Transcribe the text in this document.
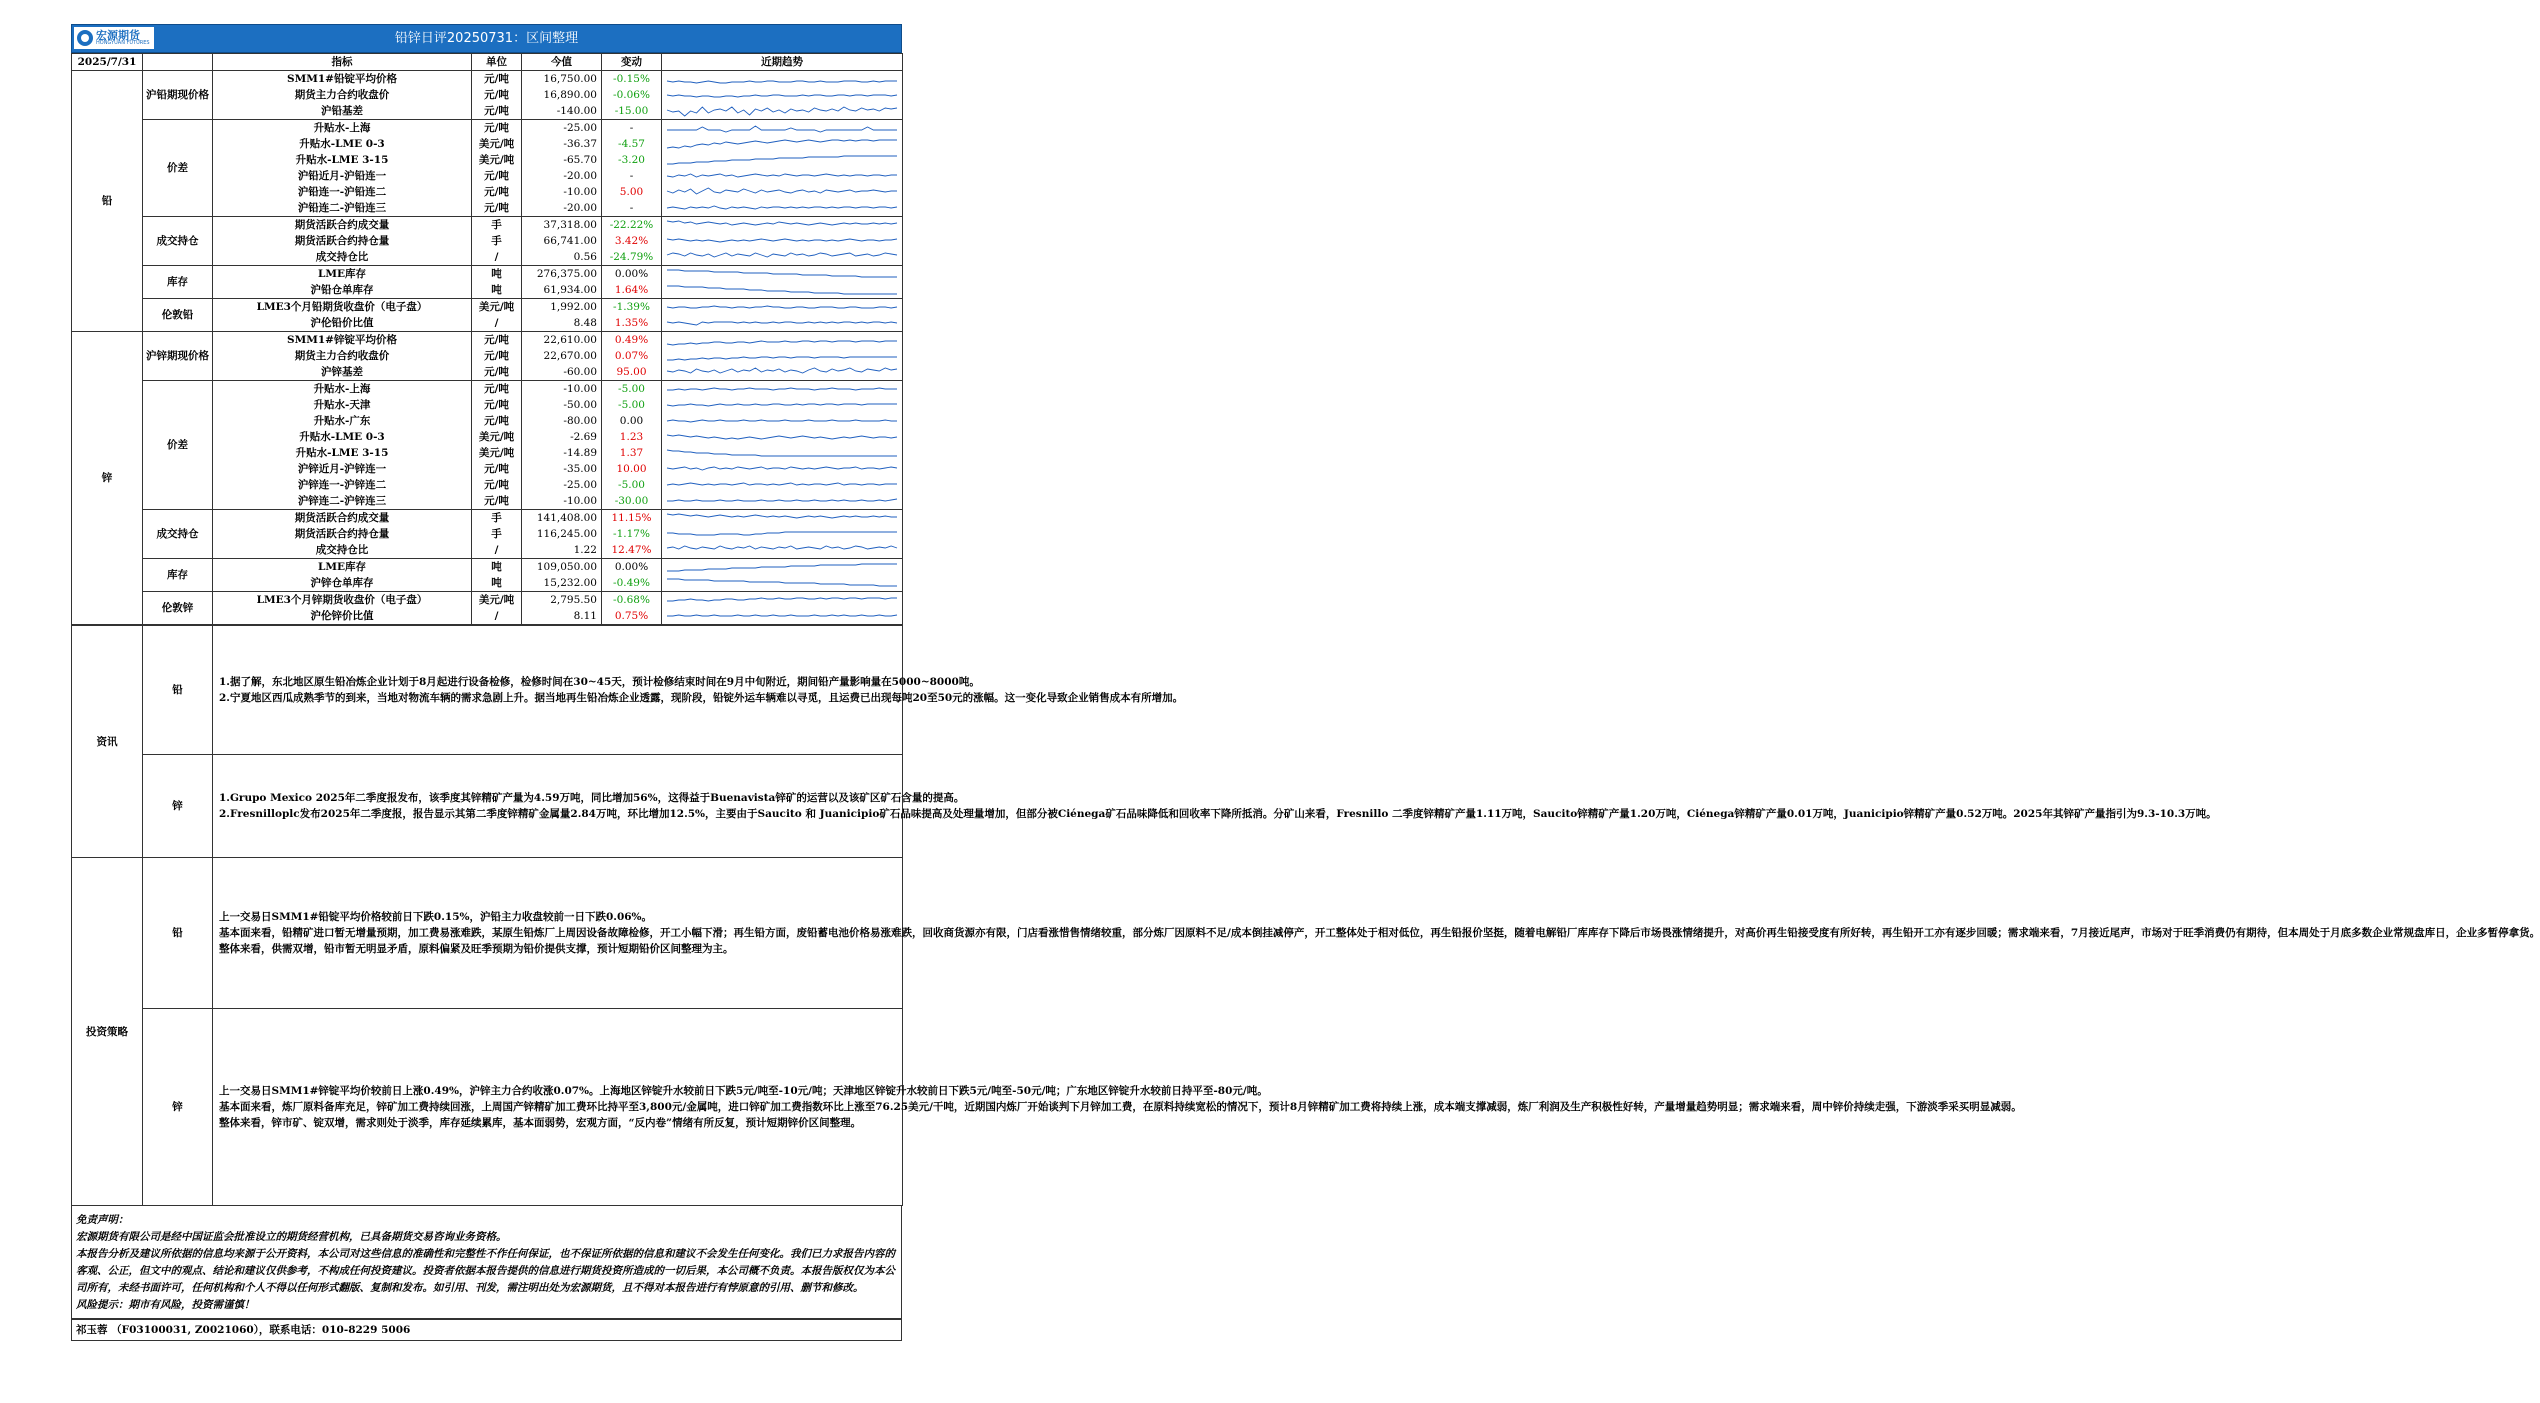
宏源期货
HONGYUAN FUTURES	铅锌日评20250731：区间整理
2025/7/31		指标	单位	今值	变动	近期趋势
铅	沪铅期现价格	SMM1#铅锭平均价格	元/吨	16,750.00	-0.15%	

		期货主力合约收盘价	元/吨	16,890.00	-0.06%	

		沪铅基差	元/吨	-140.00	-15.00	

	价差	升贴水-上海	元/吨	-25.00	-	

		升贴水-LME 0-3	美元/吨	-36.37	-4.57	

		升贴水-LME 3-15	美元/吨	-65.70	-3.20	

		沪铅近月-沪铅连一	元/吨	-20.00	-	

		沪铅连一-沪铅连二	元/吨	-10.00	5.00	

		沪铅连二-沪铅连三	元/吨	-20.00	-	

	成交持仓	期货活跃合约成交量	手	37,318.00	-22.22%	

		期货活跃合约持仓量	手	66,741.00	3.42%	

		成交持仓比	/	0.56	-24.79%	

	库存	LME库存	吨	276,375.00	0.00%	

		沪铅仓单库存	吨	61,934.00	1.64%	

	伦敦铅	LME3个月铅期货收盘价（电子盘）	美元/吨	1,992.00	-1.39%	

		沪伦铅价比值	/	8.48	1.35%	

锌	沪锌期现价格	SMM1#锌锭平均价格	元/吨	22,610.00	0.49%	

		期货主力合约收盘价	元/吨	22,670.00	0.07%	

		沪锌基差	元/吨	-60.00	95.00	

	价差	升贴水-上海	元/吨	-10.00	-5.00	

		升贴水-天津	元/吨	-50.00	-5.00	

		升贴水-广东	元/吨	-80.00	0.00	

		升贴水-LME 0-3	美元/吨	-2.69	1.23	

		升贴水-LME 3-15	美元/吨	-14.89	1.37	

		沪锌近月-沪锌连一	元/吨	-35.00	10.00	

		沪锌连一-沪锌连二	元/吨	-25.00	-5.00	

		沪锌连二-沪锌连三	元/吨	-10.00	-30.00	

	成交持仓	期货活跃合约成交量	手	141,408.00	11.15%	

		期货活跃合约持仓量	手	116,245.00	-1.17%	

		成交持仓比	/	1.22	12.47%	

	库存	LME库存	吨	109,050.00	0.00%	

		沪锌仓单库存	吨	15,232.00	-0.49%	

	伦敦锌	LME3个月锌期货收盘价（电子盘）	美元/吨	2,795.50	-0.68%	

		沪伦锌价比值	/	8.11	0.75%	
资讯	铅	1.据了解，东北地区原生铅冶炼企业计划于8月起进行设备检修，检修时间在30~45天，预计检修结束时间在9月中旬附近，期间铅产量影响量在5000~8000吨。
2.宁夏地区西瓜成熟季节的到来，当地对物流车辆的需求急剧上升。据当地再生铅冶炼企业透露，现阶段，铅锭外运车辆难以寻觅，且运费已出现每吨20至50元的涨幅。这一变化导致企业销售成本有所增加。

	锌	1.Grupo Mexico 2025年二季度报发布，该季度其锌精矿产量为4.59万吨，同比增加56%，这得益于Buenavista锌矿的运营以及该矿区矿石含量的提高。
2.Fresnilloplc发布2025年二季度报，报告显示其第二季度锌精矿金属量2.84万吨，环比增加12.5%，主要由于Saucito 和 Juanicipio矿石品味提高及处理量增加，但部分被Ciénega矿石品味降低和回收率下降所抵消。分矿山来看，Fresnillo 二季度锌精矿产量1.11万吨，Saucito锌精矿产量1.20万吨，Ciénega锌精矿产量0.01万吨，Juanicipio锌精矿产量0.52万吨。2025年其锌矿产量指引为9.3-10.3万吨。

投资策略	铅	上一交易日SMM1#铅锭平均价格较前日下跌0.15%，沪铅主力收盘较前一日下跌0.06%。
基本面来看，铅精矿进口暂无增量预期，加工费易涨难跌，某原生铅炼厂上周因设备故障检修，开工小幅下滑；再生铅方面，废铅蓄电池价格易涨难跌，回收商货源亦有限，门店看涨惜售情绪较重，部分炼厂因原料不足/成本倒挂减停产，开工整体处于相对低位，再生铅报价坚挺，随着电解铅厂库库存下降后市场畏涨情绪提升，对高价再生铅接受度有所好转，再生铅开工亦有逐步回暖；需求端来看，7月接近尾声，市场对于旺季消费仍有期待，但本周处于月底多数企业常规盘库日，企业多暂停拿货。
整体来看，供需双增，铅市暂无明显矛盾，原料偏紧及旺季预期为铅价提供支撑，预计短期铅价区间整理为主。

	锌	上一交易日SMM1#锌锭平均价较前日上涨0.49%，沪锌主力合约收涨0.07%。上海地区锌锭升水较前日下跌5元/吨至-10元/吨；天津地区锌锭升水较前日下跌5元/吨至-50元/吨；广东地区锌锭升水较前日持平至-80元/吨。
基本面来看，炼厂原料备库充足，锌矿加工费持续回涨，上周国产锌精矿加工费环比持平至3,800元/金属吨，进口锌矿加工费指数环比上涨至76.25美元/干吨，近期国内炼厂开始谈判下月锌加工费，在原料持续宽松的情况下，预计8月锌精矿加工费将持续上涨，成本端支撑减弱，炼厂利润及生产积极性好转，产量增量趋势明显；需求端来看，周中锌价持续走强，下游淡季采买明显减弱。
整体来看，锌市矿、锭双增，需求则处于淡季，库存延续累库，基本面弱势，宏观方面，“反内卷”情绪有所反复，预计短期锌价区间整理。
免责声明：
宏源期货有限公司是经中国证监会批准设立的期货经营机构，已具备期货交易咨询业务资格。
本报告分析及建议所依据的信息均来源于公开资料，本公司对这些信息的准确性和完整性不作任何保证，也不保证所依据的信息和建议不会发生任何变化。我们已力求报告内容的客观、公正，但文中的观点、结论和建议仅供参考，不构成任何投资建议。投资者依据本报告提供的信息进行期货投资所造成的一切后果，本公司概不负责。本报告版权仅为本公司所有，未经书面许可，任何机构和个人不得以任何形式翻版、复制和发布。如引用、刊发，需注明出处为宏源期货，且不得对本报告进行有悖原意的引用、删节和修改。
风险提示：期市有风险，投资需谨慎！
祁玉蓉 （F03100031, Z0021060），联系电话：010-8229 5006
